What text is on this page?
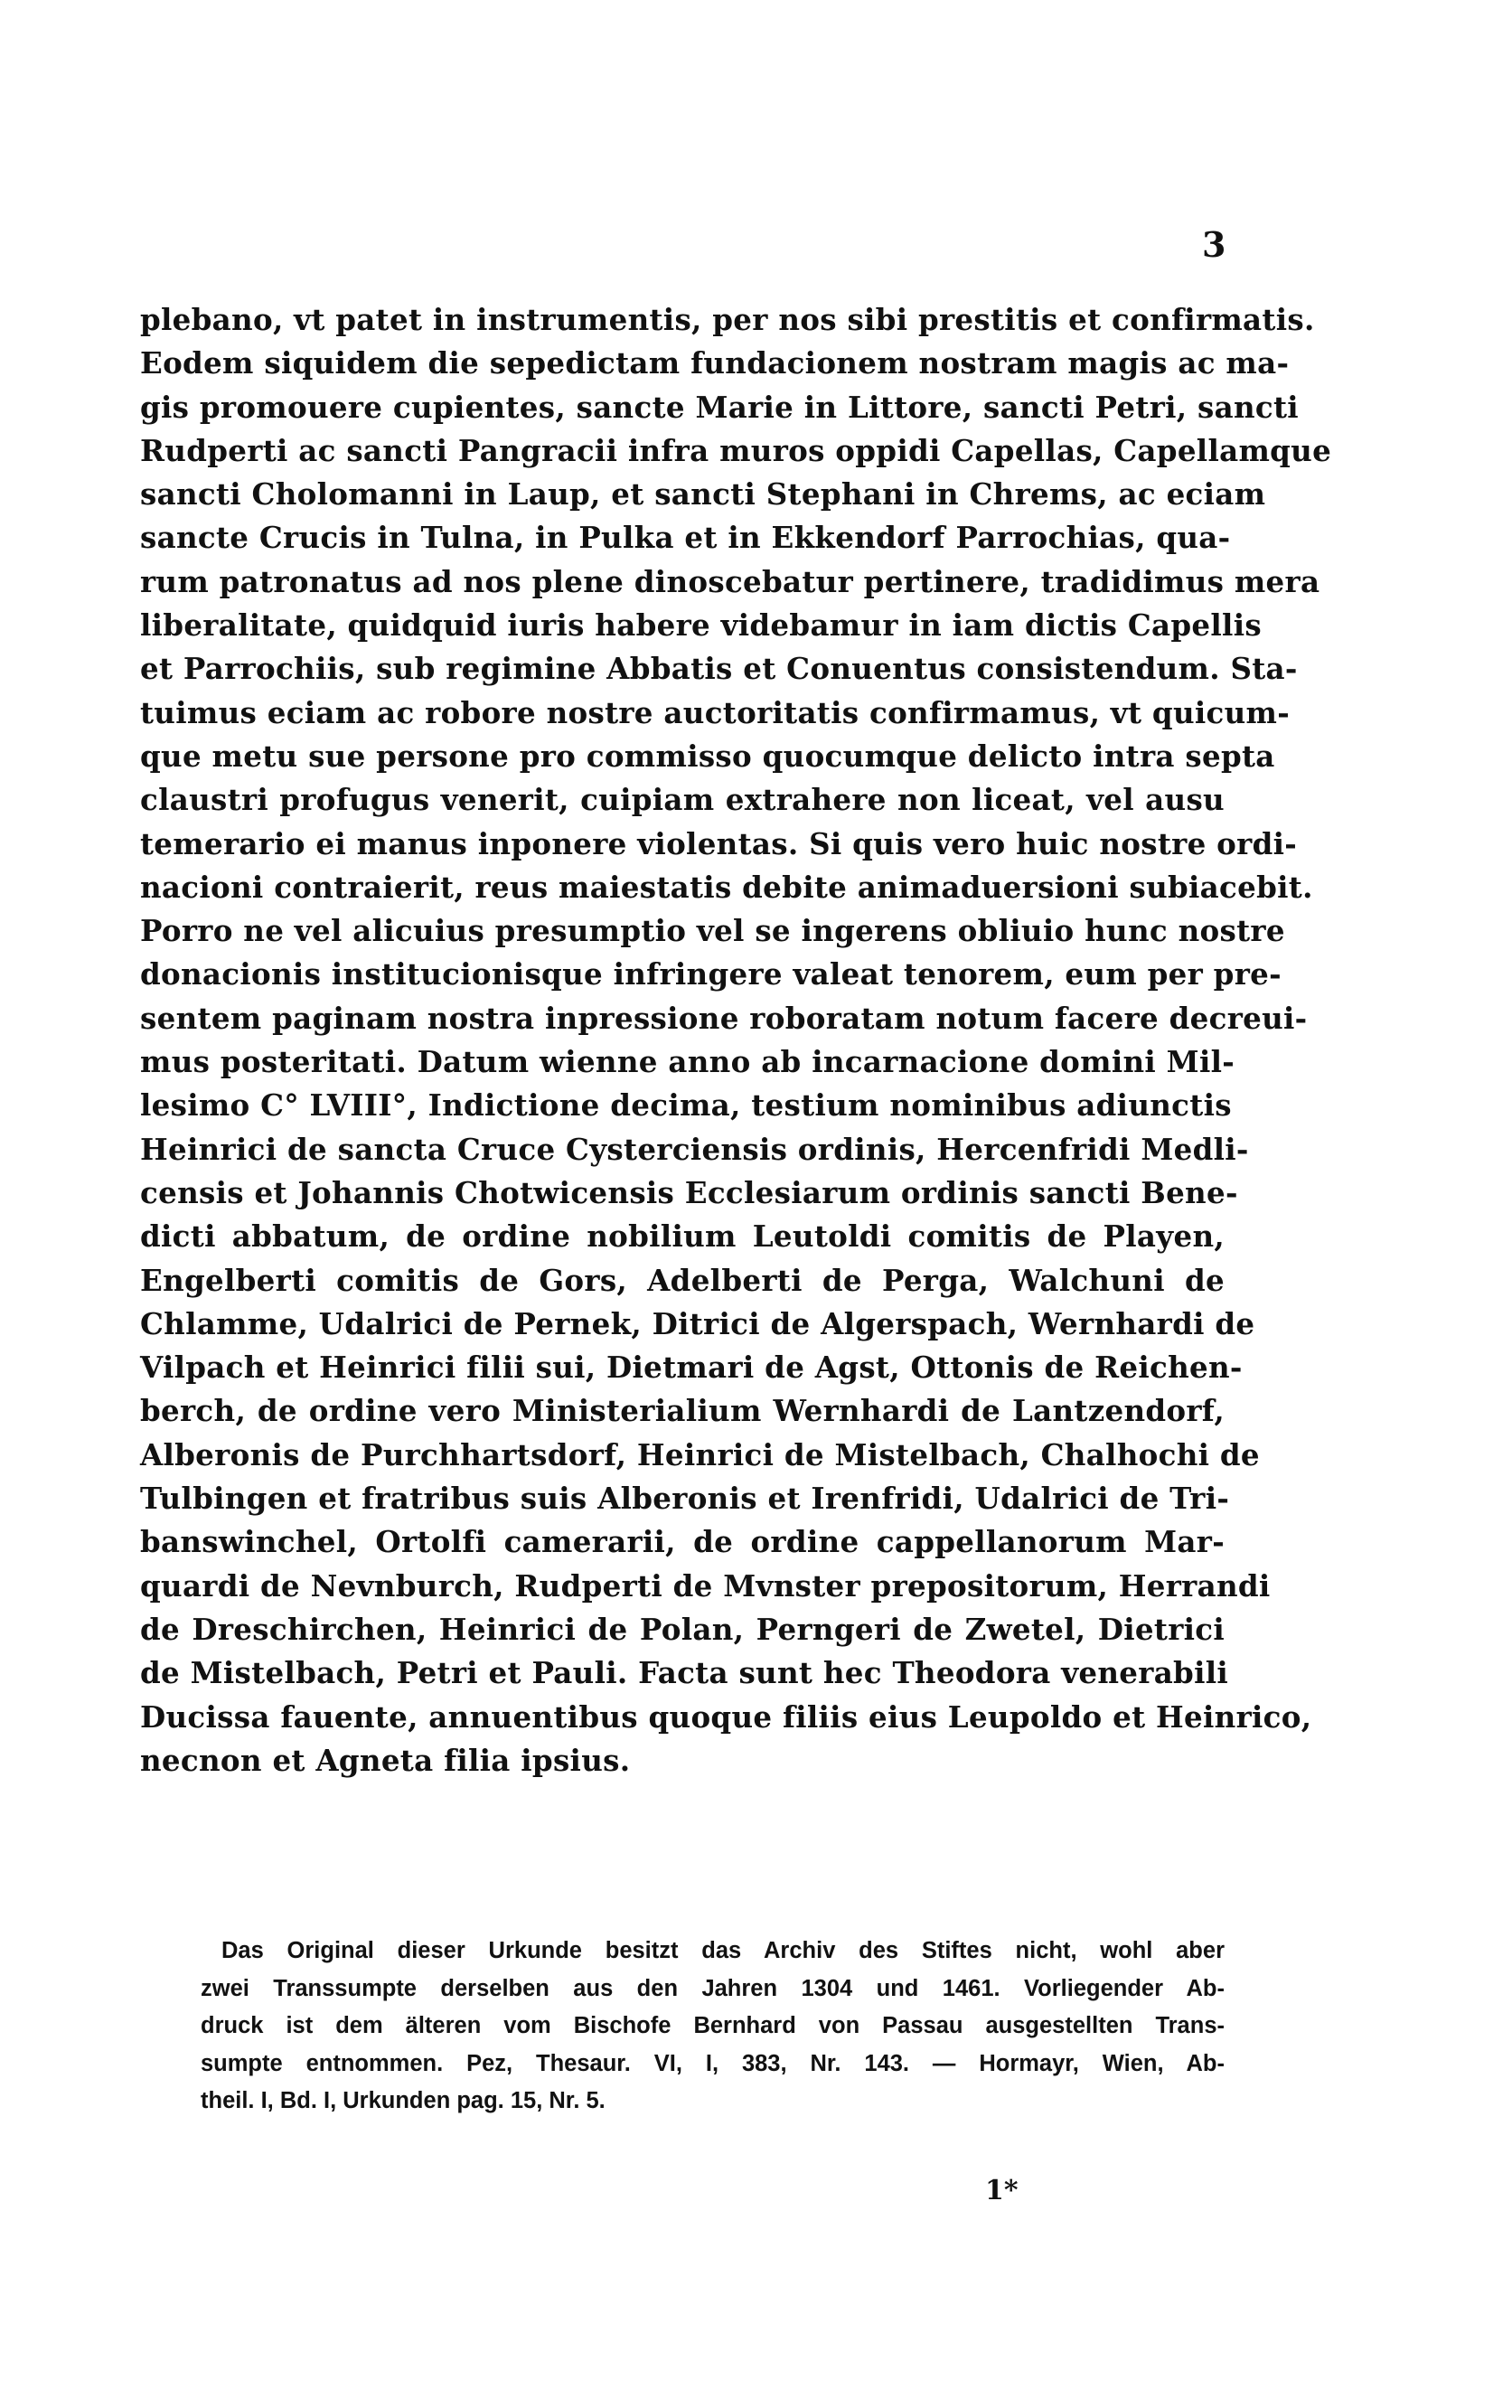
3
plebano, vt patet in instrumentis, per nos sibi prestitis et confirmatis.
Eodem siquidem die sepedictam fundacionem nostram magis ac ma-
gis promouere cupientes, sancte Marie in Littore, sancti Petri, sancti
Rudperti ac sancti Pangracii infra muros oppidi Capellas, Capellamque
sancti Cholomanni in Laup, et sancti Stephani in Chrems, ac eciam
sancte Crucis in Tulna, in Pulka et in Ekkendorf Parrochias, qua-
rum patronatus ad nos plene dinoscebatur pertinere, tradidimus mera
liberalitate, quidquid iuris habere videbamur in iam dictis Capellis
et Parrochiis, sub regimine Abbatis et Conuentus consistendum. Sta-
tuimus eciam ac robore nostre auctoritatis confirmamus, vt quicum-
que metu sue persone pro commisso quocumque delicto intra septa
claustri profugus venerit, cuipiam extrahere non liceat, vel ausu
temerario ei manus inponere violentas. Si quis vero huic nostre ordi-
nacioni contraierit, reus maiestatis debite animaduersioni subiacebit.
Porro ne vel alicuius presumptio vel se ingerens obliuio hunc nostre
donacionis institucionisque infringere valeat tenorem, eum per pre-
sentem paginam nostra inpressione roboratam notum facere decreui-
mus posteritati. Datum wienne anno ab incarnacione domini Mil-
lesimo C° LVIII°, Indictione decima, testium nominibus adiunctis
Heinrici de sancta Cruce Cysterciensis ordinis, Hercenfridi Medli-
censis et Johannis Chotwicensis Ecclesiarum ordinis sancti Bene-
dicti abbatum, de ordine nobilium Leutoldi comitis de Playen,
Engelberti comitis de Gors, Adelberti de Perga, Walchuni de
Chlamme, Udalrici de Pernek, Ditrici de Algerspach, Wernhardi de
Vilpach et Heinrici filii sui, Dietmari de Agst, Ottonis de Reichen-
berch, de ordine vero Ministerialium Wernhardi de Lantzendorf,
Alberonis de Purchhartsdorf, Heinrici de Mistelbach, Chalhochi de
Tulbingen et fratribus suis Alberonis et Irenfridi, Udalrici de Tri-
banswinchel, Ortolfi camerarii, de ordine cappellanorum Mar-
quardi de Nevnburch, Rudperti de Mvnster prepositorum, Herrandi
de Dreschirchen, Heinrici de Polan, Perngeri de Zwetel, Dietrici
de Mistelbach, Petri et Pauli. Facta sunt hec Theodora venerabili
Ducissa fauente, annuentibus quoque filiis eius Leupoldo et Heinrico,
necnon et Agneta filia ipsius.
Das Original dieser Urkunde besitzt das Archiv des Stiftes nicht, wohl aber
zwei Transsumpte derselben aus den Jahren 1304 und 1461. Vorliegender Ab-
druck ist dem älteren vom Bischofe Bernhard von Passau ausgestellten Trans-
sumpte entnommen. Pez, Thesaur. VI, I, 383, Nr. 143. — Hormayr, Wien, Ab-
theil. I, Bd. I, Urkunden pag. 15, Nr. 5.
1*
